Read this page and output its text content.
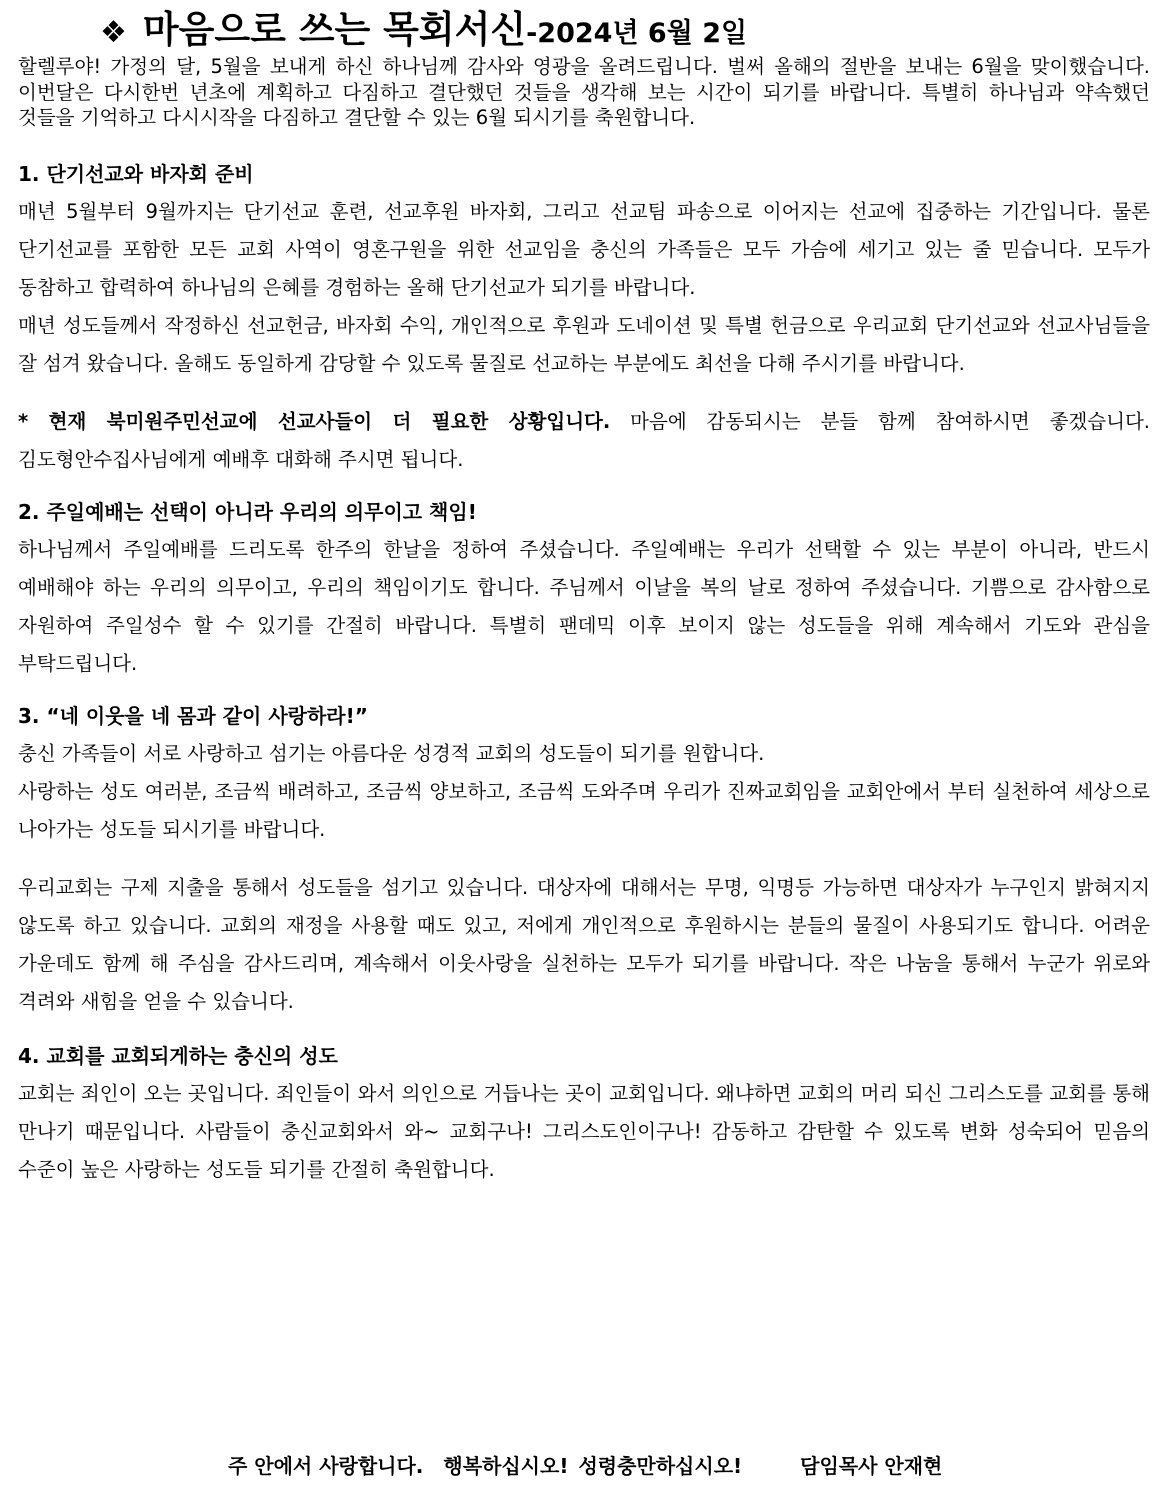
❖ 마음으로 쓰는 목회서신-2024년 6월 2일

할렐루야! 가정의 달, 5월을 보내게 하신 하나님께 감사와 영광을 올려드립니다. 벌써 올해의 절반을 보내는 6월을 맞이했습니다. 이번달은 다시한번 년초에 계획하고 다짐하고 결단했던 것들을 생각해 보는 시간이 되기를 바랍니다. 특별히 하나님과 약속했던 것들을 기억하고 다시시작을 다짐하고 결단할 수 있는 6월 되시기를 축원합니다.

1. 단기선교와 바자회 준비

매년 5월부터 9월까지는 단기선교 훈련, 선교후원 바자회, 그리고 선교팀 파송으로 이어지는 선교에 집중하는 기간입니다. 물론 단기선교를 포함한 모든 교회 사역이 영혼구원을 위한 선교임을 충신의 가족들은 모두 가슴에 세기고 있는 줄 믿습니다. 모두가 동참하고 합력하여 하나님의 은혜를 경험하는 올해 단기선교가 되기를 바랍니다.

매년 성도들께서 작정하신 선교헌금, 바자회 수익, 개인적으로 후원과 도네이션 및 특별 헌금으로 우리교회 단기선교와 선교사님들을 잘 섬겨 왔습니다. 올해도 동일하게 감당할 수 있도록 물질로 선교하는 부분에도 최선을 다해 주시기를 바랍니다.

* 현재 북미원주민선교에 선교사들이 더 필요한 상황입니다. 마음에 감동되시는 분들 함께 참여하시면 좋겠습니다. 김도형안수집사님에게 예배후 대화해 주시면 됩니다.

2. 주일예배는 선택이 아니라 우리의 의무이고 책임!

하나님께서 주일예배를 드리도록 한주의 한날을 정하여 주셨습니다. 주일예배는 우리가 선택할 수 있는 부분이 아니라, 반드시 예배해야 하는 우리의 의무이고, 우리의 책임이기도 합니다. 주님께서 이날을 복의 날로 정하여 주셨습니다. 기쁨으로 감사함으로 자원하여 주일성수 할 수 있기를 간절히 바랍니다. 특별히 팬데믹 이후 보이지 않는 성도들을 위해 계속해서 기도와 관심을 부탁드립니다.

3. “네 이웃을 네 몸과 같이 사랑하라!”

충신 가족들이 서로 사랑하고 섬기는 아름다운 성경적 교회의 성도들이 되기를 원합니다.

사랑하는 성도 여러분, 조금씩 배려하고, 조금씩 양보하고, 조금씩 도와주며 우리가 진짜교회임을 교회안에서 부터 실천하여 세상으로 나아가는 성도들 되시기를 바랍니다.

우리교회는 구제 지출을 통해서 성도들을 섬기고 있습니다. 대상자에 대해서는 무명, 익명등 가능하면 대상자가 누구인지 밝혀지지 않도록 하고 있습니다. 교회의 재정을 사용할 때도 있고, 저에게 개인적으로 후원하시는 분들의 물질이 사용되기도 합니다. 어려운 가운데도 함께 해 주심을 감사드리며, 계속해서 이웃사랑을 실천하는 모두가 되기를 바랍니다. 작은 나눔을 통해서 누군가 위로와 격려와 새힘을 얻을 수 있습니다.

4. 교회를 교회되게하는 충신의 성도

교회는 죄인이 오는 곳입니다. 죄인들이 와서 의인으로 거듭나는 곳이 교회입니다. 왜냐하면 교회의 머리 되신 그리스도를 교회를 통해 만나기 때문입니다. 사람들이 충신교회와서 와~ 교회구나! 그리스도인이구나! 감동하고 감탄할 수 있도록 변화 성숙되어 믿음의 수준이 높은 사랑하는 성도들 되기를 간절히 축원합니다.

주 안에서 사랑합니다. 행복하십시오! 성령충만하십시오!	담임목사 안재현
